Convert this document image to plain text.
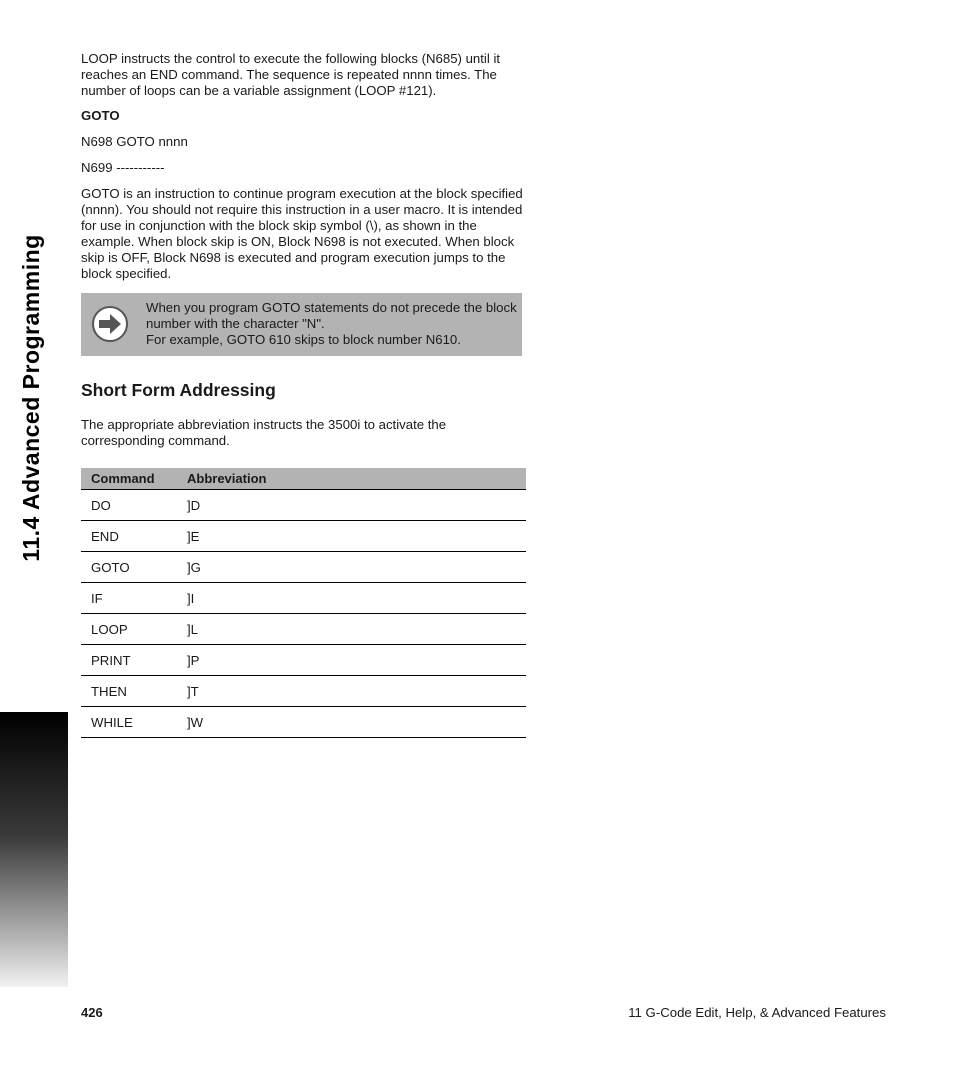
11.4 Advanced Programming

LOOP instructs the control to execute the following blocks (N685) until it reaches an END command. The sequence is repeated nnnn times. The number of loops can be a variable assignment (LOOP #121).

GOTO

N698 GOTO nnnn

N699 -----------

GOTO is an instruction to continue program execution at the block specified (nnnn). You should not require this instruction in a user macro. It is intended for use in conjunction with the block skip symbol (\), as shown in the example. When block skip is ON, Block N698 is not executed. When block skip is OFF, Block N698 is executed and program execution jumps to the block specified.

When you program GOTO statements do not precede the block number with the character "N".

For example, GOTO 610 skips to block number N610.

Short Form Addressing

The appropriate abbreviation instructs the 3500i to activate the corresponding command.

Command	Abbreviation
DO	]D
END	]E
GOTO	]G
IF	]I
LOOP	]L
PRINT	]P
THEN	]T
WHILE	]W
426	11 G-Code Edit, Help, & Advanced Features
